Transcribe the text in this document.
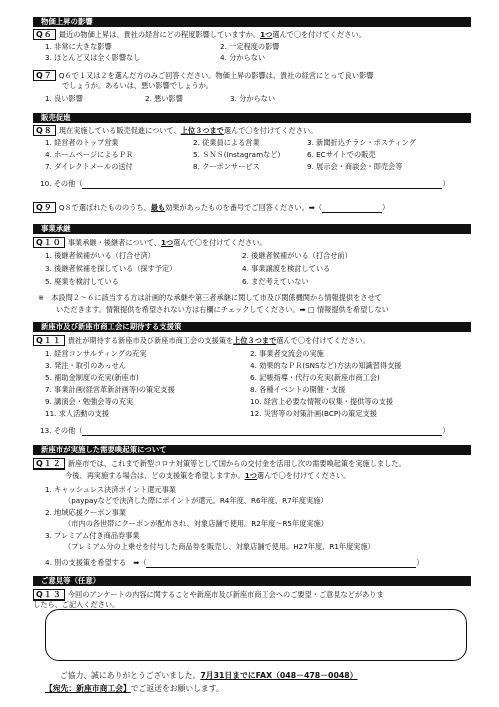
物価上昇の影響
Q６ 最近の物価上昇は、貴社の経営にどの程度影響していますか。1つ選んで〇を付けてください。
1. 非常に大きな影響	2. 一定程度の影響
3. ほとんど又は全く影響なし	4. 分からない
Q７ Q６で１又は２を選んだ方のみご回答ください。物価上昇の影響は、貴社の経営にとって良い影響
でしょうか。あるいは、悪い影響でしょうか。
1. 良い影響	2. 悪い影響	3. 分からない
販売促進
Q８ 現在実施している販売促進について、上位３つまで選んで〇を付けてください。
1. 経営者のトップ営業	2. 従業員による営業	3. 新聞折込チラシ・ポスティング
4. ホームページによるＰＲ	5. ＳＮＳ(Instagramなど)	6. ECサイトでの販売
7. ダイレクトメールの送付	8. クーポンサービス	9. 展示会・商談会・即売会等
10. その他（	）
Q９ Q８で選ばれたもののうち、最も効果があったものを番号でご回答ください。➡（	）
事業承継
Q１０ 事業承継・後継者について、1つ選んで〇を付けてください。
1. 後継者候補がいる（打合せ済）	2. 後継者候補がいる（打合せ前）
3. 後継者候補を探している（探す予定）	4. 事業譲渡を検討している
5. 廃業を検討している	6. まだ考えていない
※　本設問２～６に該当する方は計画的な承継や第三者承継に関して市及び関係機関から情報提供をさせて
いただきます。情報提供を希望されない方は右欄にチェックしてください。➡ □ 情報提供を希望しない
新座市及び新座市商工会に期待する支援策
Q１１ 貴社が期待する新座市及び新座市商工会の支援策を上位３つまで選んで〇を付けてください。
1. 経営コンサルティングの充実	2. 事業者交流会の実施
3. 発注・取引のあっせん	4. 効果的なＰＲ(SNSなど)方法の知識習得支援
5. 補助金制度の充実(新座市)	6. 記帳指導・代行の充実(新座市商工会)
7. 事業計画(経営革新計画等)の策定支援	8. 各種イベントの開催・支援
9. 講演会・勉強会等の充実	10. 経営上必要な情報の収集・提供等の支援
11. 求人活動の支援	12. 災害等の対策計画(BCP)の策定支援
13. その他（	）
新座市が実施した需要喚起策について
Q１２ 新座市では、これまで新型コロナ対策等として国からの交付金を活用し次の需要喚起策を実施しました。
今後、再実施する場合は、どの支援策を希望しますか。1つ選んで〇を付けてください。
1. キャッシュレス決済ポイント還元事業
（paypayなどで決済した際にポイントが還元。R4年度、R6年度、R7年度実施）
2. 地域応援クーポン事業
（市内の各世帯にクーポンが配布され、対象店舗で使用。R2年度～R5年度実施）
3. プレミアム付き商品券事業
（プレミアム分の上乗せを付与した商品券を販売し、対象店舗で使用。H27年度、R1年度実施）
4. 別の支援策を希望する　➡（	）
ご意見等（任意）
Q１３ 今回のアンケートの内容に関することや新座市及び新座市商工会へのご要望・ご意見などがありま
したら、ご記入ください。
ご協力、誠にありがとうございました。7月31日までにFAX（048－478－0048）
【宛先：新座市商工会】でご返送をお願いします。
